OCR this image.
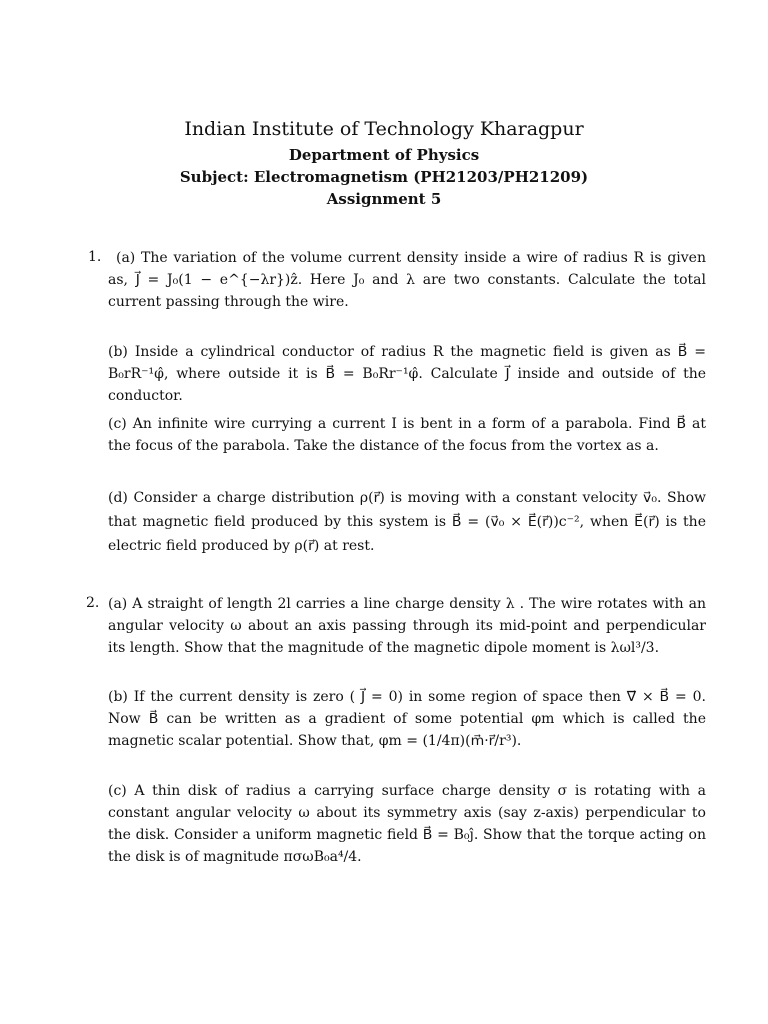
Indian Institute of Technology Kharagpur
Department of Physics
Subject: Electromagnetism (PH21203/PH21209)
Assignment 5
1.	(a) The variation of the volume current density inside a wire of radius R is given as, J⃗ = J₀(1 − e^{−λr})ẑ. Here J₀ and λ are two constants. Calculate the total current passing through the wire.
(b) Inside a cylindrical conductor of radius R the magnetic field is given as B⃗ = B₀rR⁻¹φ̂, where outside it is B⃗ = B₀Rr⁻¹φ̂. Calculate J⃗ inside and outside of the conductor.
(c) An infinite wire currying a current I is bent in a form of a parabola. Find B⃗ at the focus of the parabola. Take the distance of the focus from the vortex as a.
(d) Consider a charge distribution ρ(r⃗) is moving with a constant velocity v⃗₀. Show that magnetic field produced by this system is B⃗ = (v⃗₀ × E⃗(r⃗))c⁻², when E⃗(r⃗) is the electric field produced by ρ(r⃗) at rest.
2. (a) A straight of length 2l carries a line charge density λ . The wire rotates with an angular velocity ω about an axis passing through its mid-point and perpendicular its length. Show that the magnitude of the magnetic dipole moment is λωl³/3.
(b) If the current density is zero ( J⃗ = 0) in some region of space then ∇⃗ × B⃗ = 0. Now B⃗ can be written as a gradient of some potential φm which is called the magnetic scalar potential. Show that, φm = (1/4π)(m⃗·r⃗/r³).
(c) A thin disk of radius a carrying surface charge density σ is rotating with a constant angular velocity ω about its symmetry axis (say z-axis) perpendicular to the disk. Consider a uniform magnetic field B⃗ = B₀ĵ. Show that the torque acting on the disk is of magnitude πσωB₀a⁴/4.
